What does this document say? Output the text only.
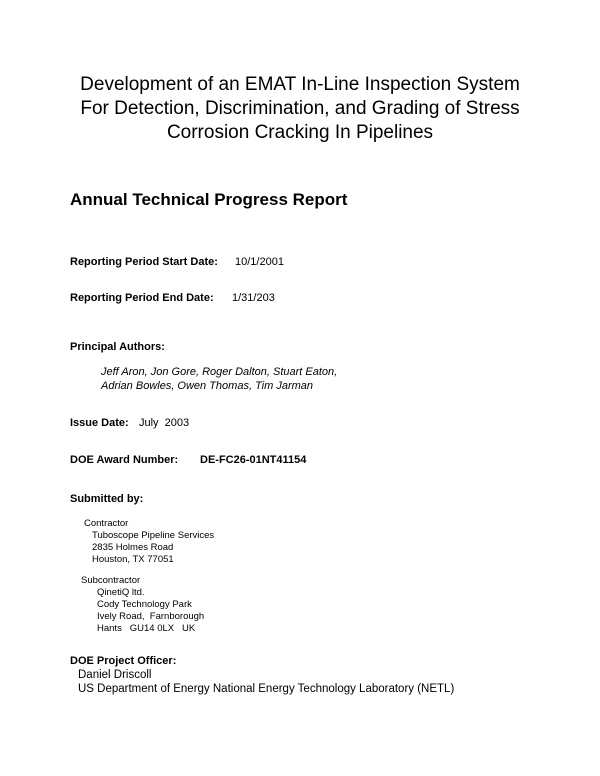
Development of an EMAT In-Line Inspection System
For Detection, Discrimination, and Grading of Stress
Corrosion Cracking In Pipelines
Annual Technical Progress Report
Reporting Period Start Date: 10/1/2001
Reporting Period End Date: 1/31/203
Principal Authors:
Jeff Aron, Jon Gore, Roger Dalton, Stuart Eaton,
Adrian Bowles, Owen Thomas, Tim Jarman
Issue Date: July  2003
DOE Award Number: DE-FC26-01NT41154
Submitted by:
Contractor
Tuboscope Pipeline Services
2835 Holmes Road
Houston, TX 77051
Subcontractor
QinetiQ ltd.
Cody Technology Park
Ively Road,  Farnborough
Hants   GU14 0LX   UK
DOE Project Officer:
Daniel Driscoll
US Department of Energy National Energy Technology Laboratory (NETL)
